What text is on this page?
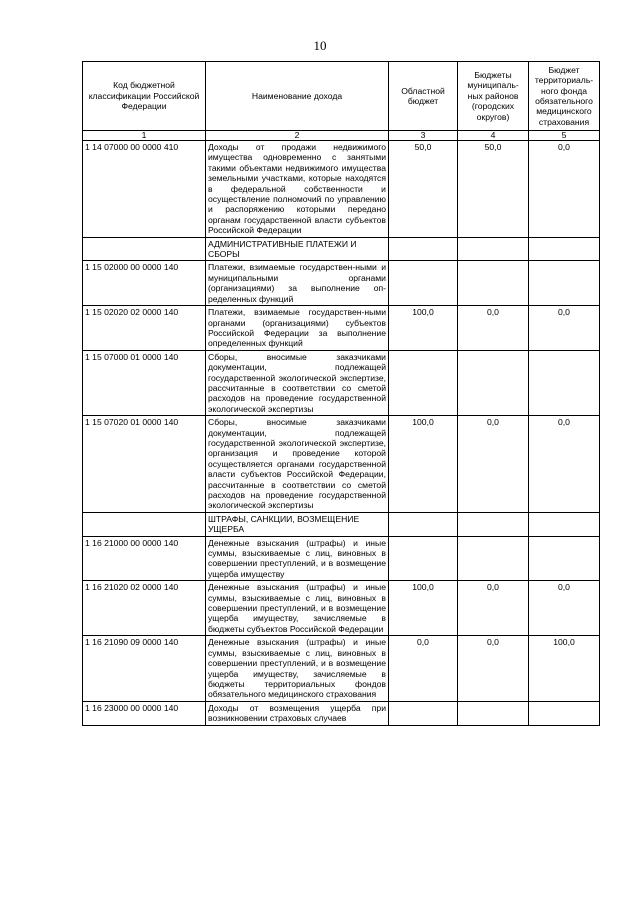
10
Код бюджетной классификации Российской Федерации	Наименование дохода	Областной бюджет	Бюджеты муниципаль-ных районов (городских округов)	Бюджет территориаль-ного фонда обязательного медицинского страхования
1	2	3	4	5
1 14 07000 00 0000 410	Доходы от продажи недвижимого имущества одновременно с занятыми такими объектами недвижимого имущества земельными участками, которые находятся в федеральной собственности и осуществление полномочий по управлению и распоряжению которыми передано органам государственной власти субъектов Российской Федерации	50,0	50,0	0,0
	АДМИНИСТРАТИВНЫЕ ПЛАТЕЖИ И СБОРЫ			
1 15 02000 00 0000 140	Платежи, взимаемые государствен-ными и муниципальными органами (организациями) за выполнение оп-ределенных функций			
1 15 02020 02 0000 140	Платежи, взимаемые государствен-ными органами (организациями) субъектов Российской Федерации за выполнение определенных функций	100,0	0,0	0,0
1 15 07000 01 0000 140	Сборы, вносимые заказчиками документации, подлежащей государственной экологической экспертизе, рассчитанные в соответствии со сметой расходов на проведение государственной экологической экспертизы			
1 15 07020 01 0000 140	Сборы, вносимые заказчиками документации, подлежащей государственной экологической экспертизе, организация и проведение которой осуществляется органами государственной власти субъектов Российской Федерации, рассчитанные в соответствии со сметой расходов на проведение государственной экологической экспертизы	100,0	0,0	0,0
	ШТРАФЫ, САНКЦИИ, ВОЗМЕЩЕНИЕ УЩЕРБА			
1 16 21000 00 0000 140	Денежные взыскания (штрафы) и иные суммы, взыскиваемые с лиц, виновных в совершении преступлений, и в возмещение ущерба имуществу			
1 16 21020 02 0000 140	Денежные взыскания (штрафы) и иные суммы, взыскиваемые с лиц, виновных в совершении преступлений, и в возмещение ущерба имуществу, зачисляемые в бюджеты субъектов Российской Федерации	100,0	0,0	0,0
1 16 21090 09 0000 140	Денежные взыскания (штрафы) и иные суммы, взыскиваемые с лиц, виновных в совершении преступлений, и в возмещение ущерба имуществу, зачисляемые в бюджеты территориальных фондов обязательного медицинского страхования	0,0	0,0	100,0
1 16 23000 00 0000 140	Доходы от возмещения ущерба при возникновении страховых случаев			
